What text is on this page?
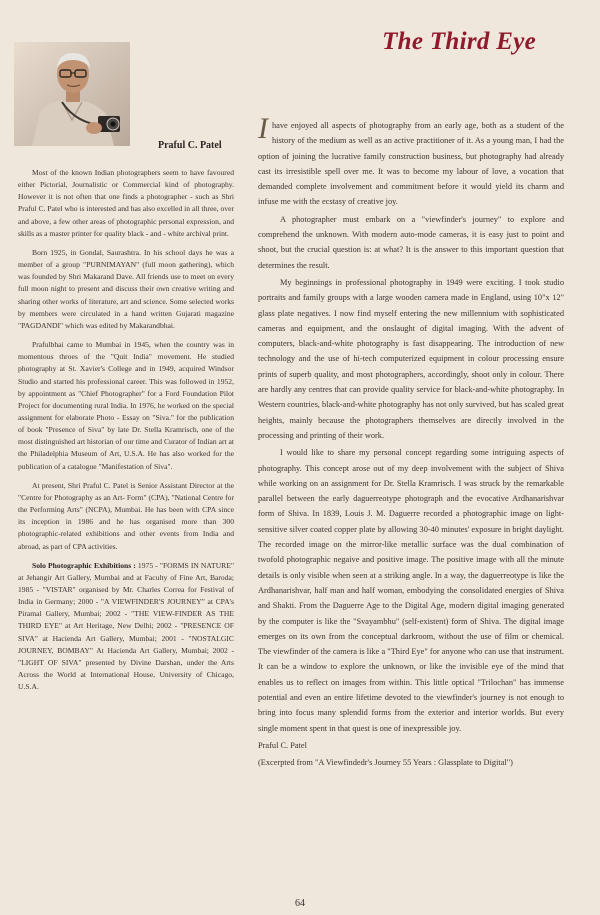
The Third Eye
Praful C. Patel

Most of the known Indian photographers seem to have favoured either Pictorial, Journalistic or Commercial kind of photography. However it is not often that one finds a photographer - such as Shri Praful C. Patel who is interested and has also excelled in all three, over and above, a few other areas of photographic personal expression, and skills as a master printer for quality black - and - white archival print.

Born 1925, in Gondal, Saurashtra. In his school days he was a member of a group "PURNIMAYAN" (full moon gathering), which was founded by Shri Makarand Dave. All friends use to meet on every full moon night to present and discuss their own creative writing and sharing other works of literature, art and science. Some selected works by members were circulated in a hand written Gujarati magazine "PAGDANDI" which was edited by Makarandbhai.

Prafulbhai came to Mumbai in 1945, when the country was in momentous throes of the "Quit India" movement. He studied photography at St. Xavier's College and in 1949, acquired Windsor Studio and started his professional career. This was followed in 1952, by appointment as "Chief Photographer" for a Ford Foundation Pilot Project for documenting rural India. In 1976, he worked on the special assignment for elaborate Photo - Essay on "Siva." for the publication of book "Presence of Siva" by late Dr. Stella Kramrisch, one of the most distinguished art historian of our time and Curator of Indian art at the Philadelphia Museum of Art, U.S.A. He has also worked for the publication of a catalogue "Manifestation of Siva".

At present, Shri Praful C. Patel is Senior Assistant Director at the "Centre for Photography as an Art- Form" (CPA), "National Centre for the Performing Arts" (NCPA), Mumbai. He has been with CPA since its inception in 1986 and he has organised more than 300 photographic-related exhibitions and other events from India and abroad, as part of CPA activities.

Solo Photographic Exhibitions : 1975 - "FORMS IN NATURE" at Jehangir Art Gallery, Mumbai and at Faculty of Fine Art, Baroda; 1985 - "VISTAR" organised by Mr. Charles Correa for Festival of India in Germany; 2000 - "A VIEWFINDER'S JOURNEY" at CPA's Piramal Gallery, Mumbai; 2002 - "THE VIEW-FINDER AS THE THIRD EYE" at Art Heritage, New Delhi; 2002 - "PRESENCE OF SIVA" at Hacienda Art Gallery, Mumbai; 2001 - "NOSTALGIC JOURNEY, BOMBAY" At Hacienda Art Gallery, Mumbai; 2002 - "LIGHT OF SIVA" presented by Divine Darshan, under the Arts Across the World at International House, University of Chicago, U.S.A.

Ihave enjoyed all aspects of photography from an early age, both as a student of the history of the medium as well as an active practitioner of it. As a young man, I had the option of joining the lucrative family construction business, but photography had already cast its irresistible spell over me. It was to become my labour of love, a vocation that demanded complete involvement and commitment before it would yield its charm and infuse me with the ecstasy of creative joy.

A photographer must embark on a "viewfinder's journey" to explore and comprehend the unknown. With modern auto-mode cameras, it is easy just to point and shoot, but the crucial question is: at what? It is the answer to this important question that determines the result.

My beginnings in professional photography in 1949 were exciting. I took studio portraits and family groups with a large wooden camera made in England, using 10"x 12" glass plate negatives. I now find myself entering the new millennium with sophisticated cameras and equipment, and the onslaught of digital imaging. With the advent of computers, black-and-white photography is fast disappearing. The introduction of new technology and the use of hi-tech computerized equipment in colour processing ensure prints of superb quality, and most photographers, accordingly, shoot only in colour. There are hardly any centres that can provide quality service for black-and-white photography. In Western countries, black-and-white photography has not only survived, but has scaled great heights, mainly because the photographers themselves are directly involved in the processing and printing of their work.

I would like to share my personal concept regarding some intriguing aspects of photography. This concept arose out of my deep involvement with the subject of Shiva while working on an assignment for Dr. Stella Kramrisch. I was struck by the remarkable parallel between the early daguerreotype photograph and the evocative Ardhanarishvar form of Shiva. In 1839, Louis J. M. Daguerre recorded a photographic image on light-sensitive silver coated copper plate by allowing 30-40 minutes' exposure in bright daylight. The recorded image on the mirror-like metallic surface was the dual combination of twofold photographic negaive and positive image. The positive image with all the minute details is only visible when seen at a striking angle. In a way, the daguerreotype is like the Ardhanarishvar, half man and half woman, embodying the consolidated energies of Shiva and Shakti. From the Daguerre Age to the Digital Age, modern digital imaging generated by the computer is like the "Svayambhu" (self-existent) form of Shiva. The digital image emerges on its own from the conceptual darkroom, without the use of film or chemical. The viewfinder of the camera is like a "Third Eye" for anyone who can use that instrument. It can be a window to explore the unknown, or like the invisible eye of the mind that enables us to reflect on images from within. This little optical "Trilochan" has immense potential and even an entire lifetime devoted to the viewfinder's journey is not enough to bring into focus many splendid forms from the exterior and interior worlds. But every single moment spent in that quest is one of inexpressible joy.

Praful C. Patel

(Excerpted from "A Viewfindedr's Journey 55 Years : Glassplate to Digital")

64
